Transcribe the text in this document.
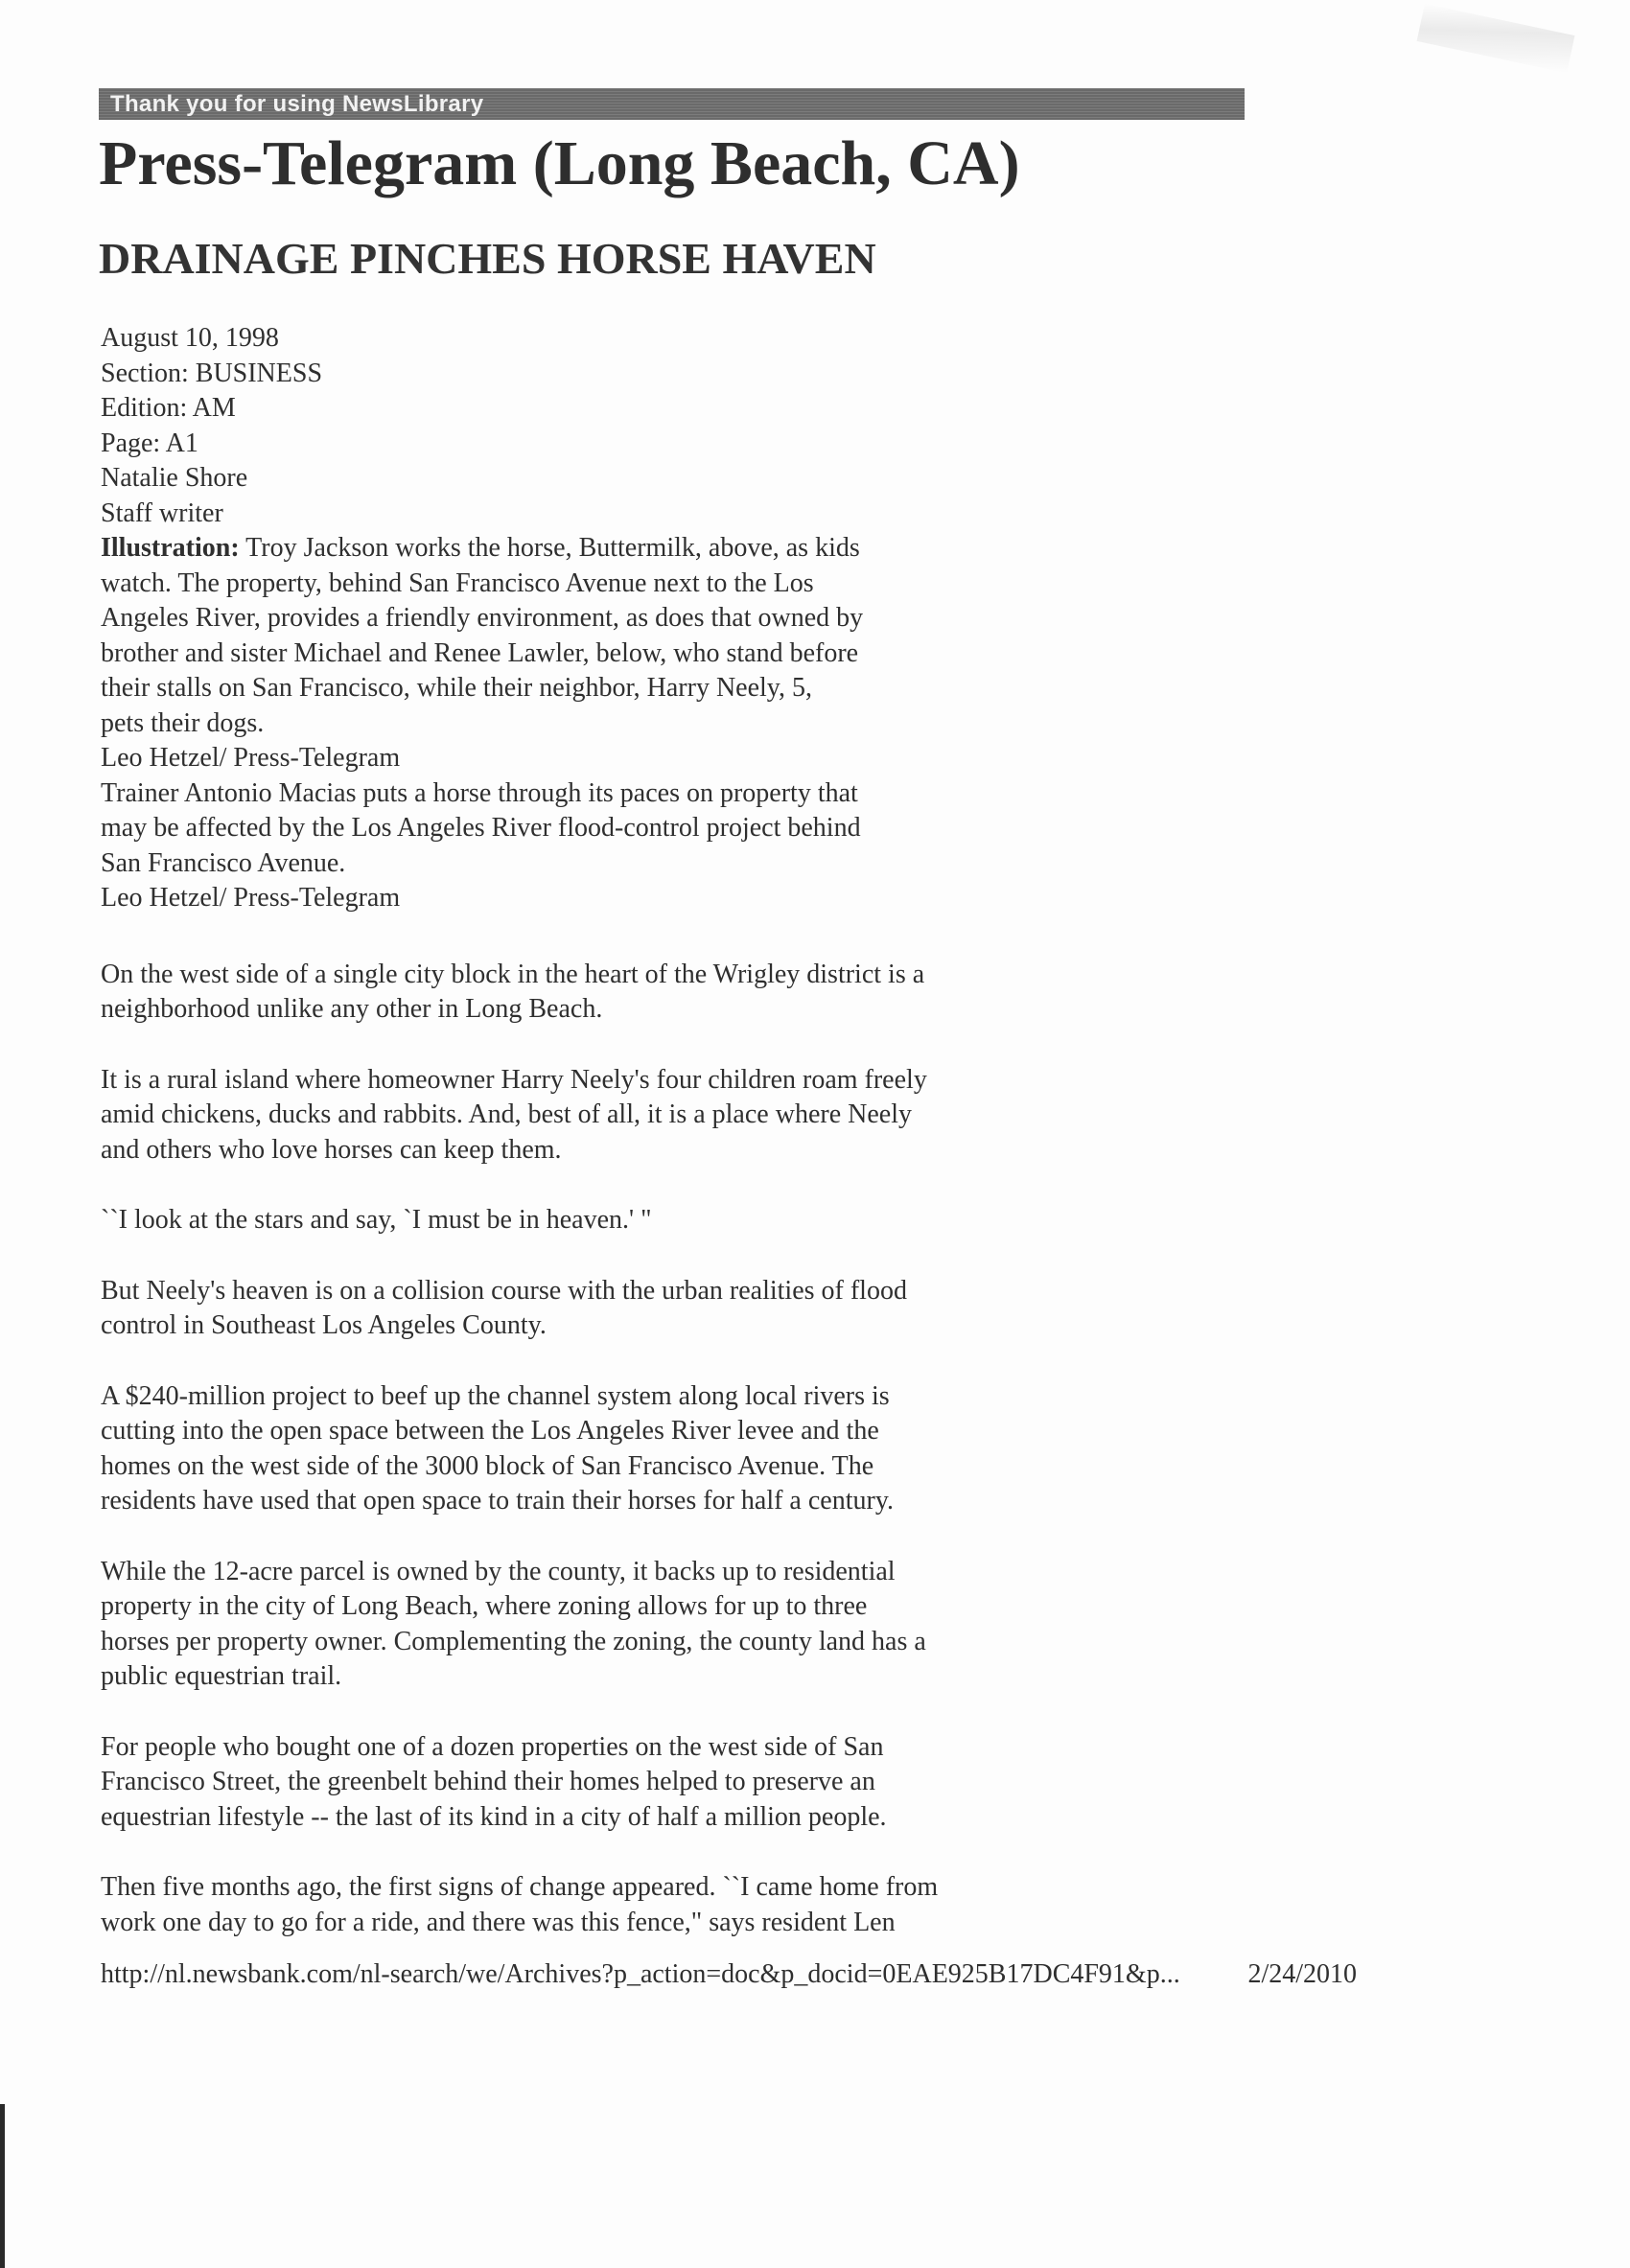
Thank you for using NewsLibrary
Press-Telegram (Long Beach, CA)
DRAINAGE PINCHES HORSE HAVEN
August 10, 1998
Section: BUSINESS
Edition: AM
Page: A1
Natalie Shore
Staff writer
Illustration: Troy Jackson works the horse, Buttermilk, above, as kids
watch. The property, behind San Francisco Avenue next to the Los
Angeles River, provides a friendly environment, as does that owned by
brother and sister Michael and Renee Lawler, below, who stand before
their stalls on San Francisco, while their neighbor, Harry Neely, 5,
pets their dogs.
Leo Hetzel/ Press-Telegram
Trainer Antonio Macias puts a horse through its paces on property that
may be affected by the Los Angeles River flood-control project behind
San Francisco Avenue.
Leo Hetzel/ Press-Telegram

On the west side of a single city block in the heart of the Wrigley district is a
neighborhood unlike any other in Long Beach.

It is a rural island where homeowner Harry Neely's four children roam freely
amid chickens, ducks and rabbits. And, best of all, it is a place where Neely
and others who love horses can keep them.

``I look at the stars and say, `I must be in heaven.' "

But Neely's heaven is on a collision course with the urban realities of flood
control in Southeast Los Angeles County.

A $240-million project to beef up the channel system along local rivers is
cutting into the open space between the Los Angeles River levee and the
homes on the west side of the 3000 block of San Francisco Avenue. The
residents have used that open space to train their horses for half a century.

While the 12-acre parcel is owned by the county, it backs up to residential
property in the city of Long Beach, where zoning allows for up to three
horses per property owner. Complementing the zoning, the county land has a
public equestrian trail.

For people who bought one of a dozen properties on the west side of San
Francisco Street, the greenbelt behind their homes helped to preserve an
equestrian lifestyle -- the last of its kind in a city of half a million people.

Then five months ago, the first signs of change appeared. ``I came home from
work one day to go for a ride, and there was this fence," says resident Len

http://nl.newsbank.com/nl-search/we/Archives?p_action=doc&p_docid=0EAE925B17DC4F91&p...	2/24/2010
